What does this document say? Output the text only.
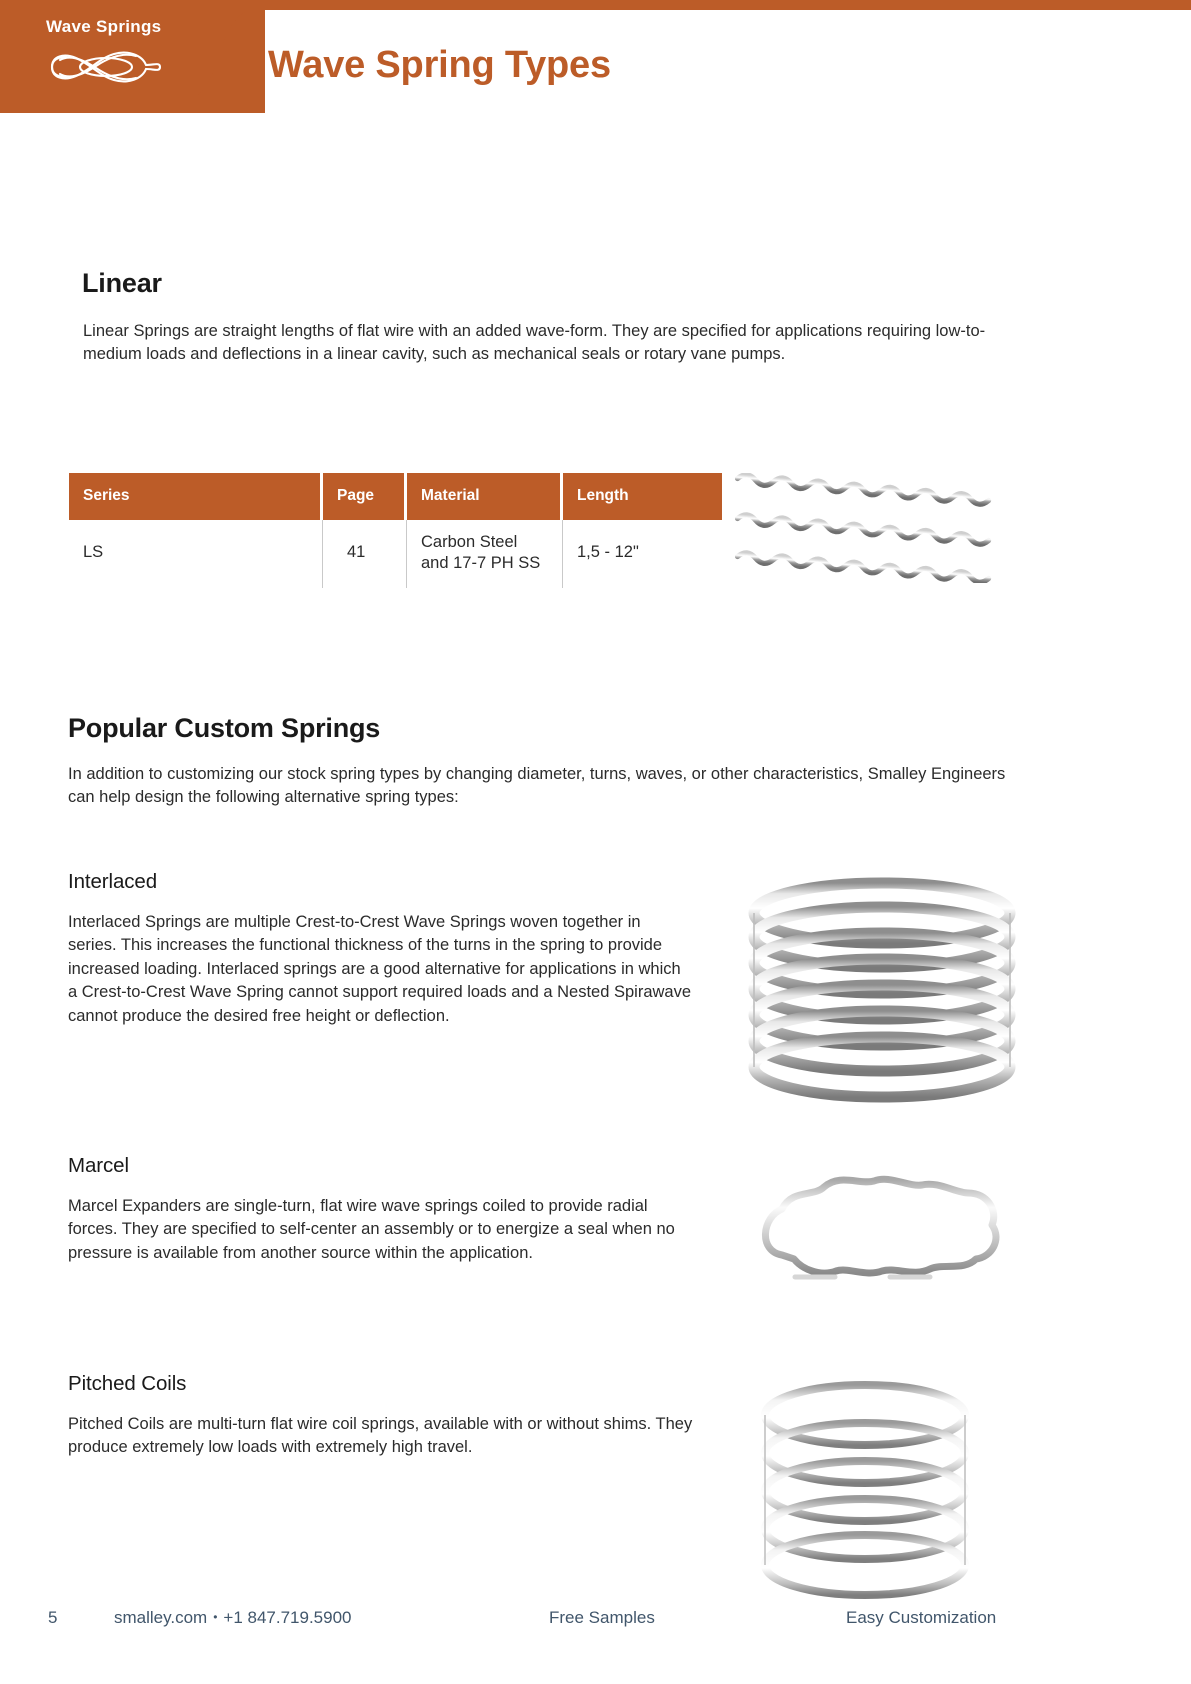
Wave Springs
Wave Spring Types
Linear
Linear Springs are straight lengths of flat wire with an added wave-form. They are specified for applications requiring low-to-medium loads and deflections in a linear cavity, such as mechanical seals or rotary vane pumps.
Series	Page	Material	Length
LS	41	Carbon Steel and 17-7 PH SS	1,5 - 12"
Popular Custom Springs
In addition to customizing our stock spring types by changing diameter, turns, waves, or other characteristics, Smalley Engineers can help design the following alternative spring types:
Interlaced
Interlaced Springs are multiple Crest-to-Crest Wave Springs woven together in series. This increases the functional thickness of the turns in the spring to provide increased loading. Interlaced springs are a good alternative for applications in which a Crest-to-Crest Wave Spring cannot support required loads and a Nested Spirawave cannot produce the desired free height or deflection.
Marcel
Marcel Expanders are single-turn, flat wire wave springs coiled to provide radial forces. They are specified to self-center an assembly or to energize a seal when no pressure is available from another source within the application.
Pitched Coils
Pitched Coils are multi-turn flat wire coil springs, available with or without shims. They produce extremely low loads with extremely high travel.
5	smalley.com • +1 847.719.5900	Free Samples	Easy Customization
